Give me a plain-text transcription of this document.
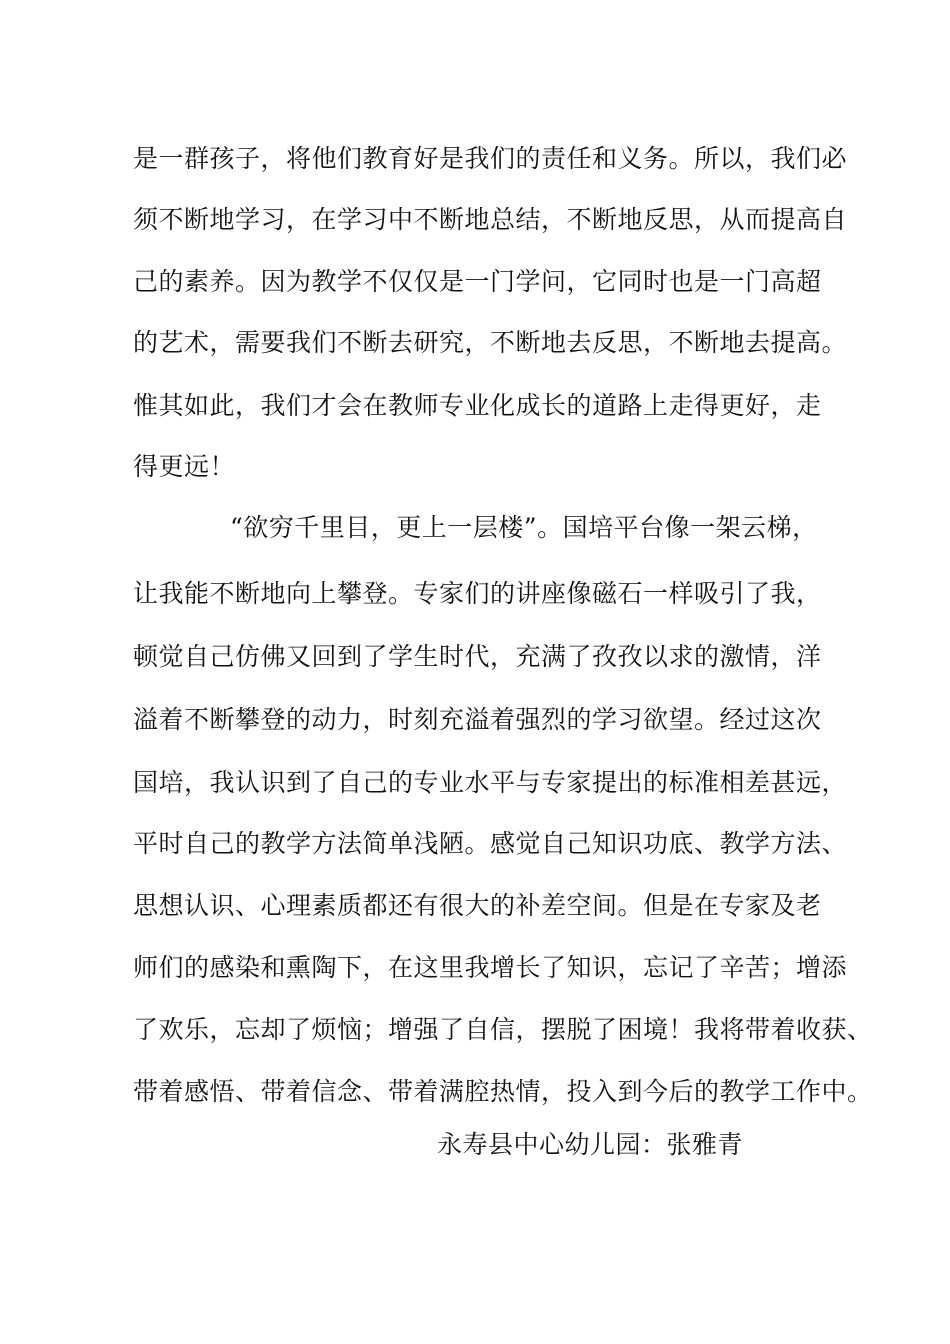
是一群孩子，将他们教育好是我们的责任和义务。所以，我们必
须不断地学习，在学习中不断地总结，不断地反思，从而提高自
己的素养。因为教学不仅仅是一门学问，它同时也是一门高超
的艺术，需要我们不断去研究，不断地去反思，不断地去提高。
惟其如此，我们才会在教师专业化成长的道路上走得更好，走
得更远！
“欲穷千里目，更上一层楼”。国培平台像一架云梯，
让我能不断地向上攀登。专家们的讲座像磁石一样吸引了我，
顿觉自己仿佛又回到了学生时代，充满了孜孜以求的激情，洋
溢着不断攀登的动力，时刻充溢着强烈的学习欲望。经过这次
国培，我认识到了自己的专业水平与专家提出的标准相差甚远，
平时自己的教学方法简单浅陋。感觉自己知识功底、教学方法、
思想认识、心理素质都还有很大的补差空间。但是在专家及老
师们的感染和熏陶下，在这里我增长了知识，忘记了辛苦；增添
了欢乐，忘却了烦恼；增强了自信，摆脱了困境！我将带着收获、
带着感悟、带着信念、带着满腔热情，投入到今后的教学工作中。
永寿县中心幼儿园：张雅青
